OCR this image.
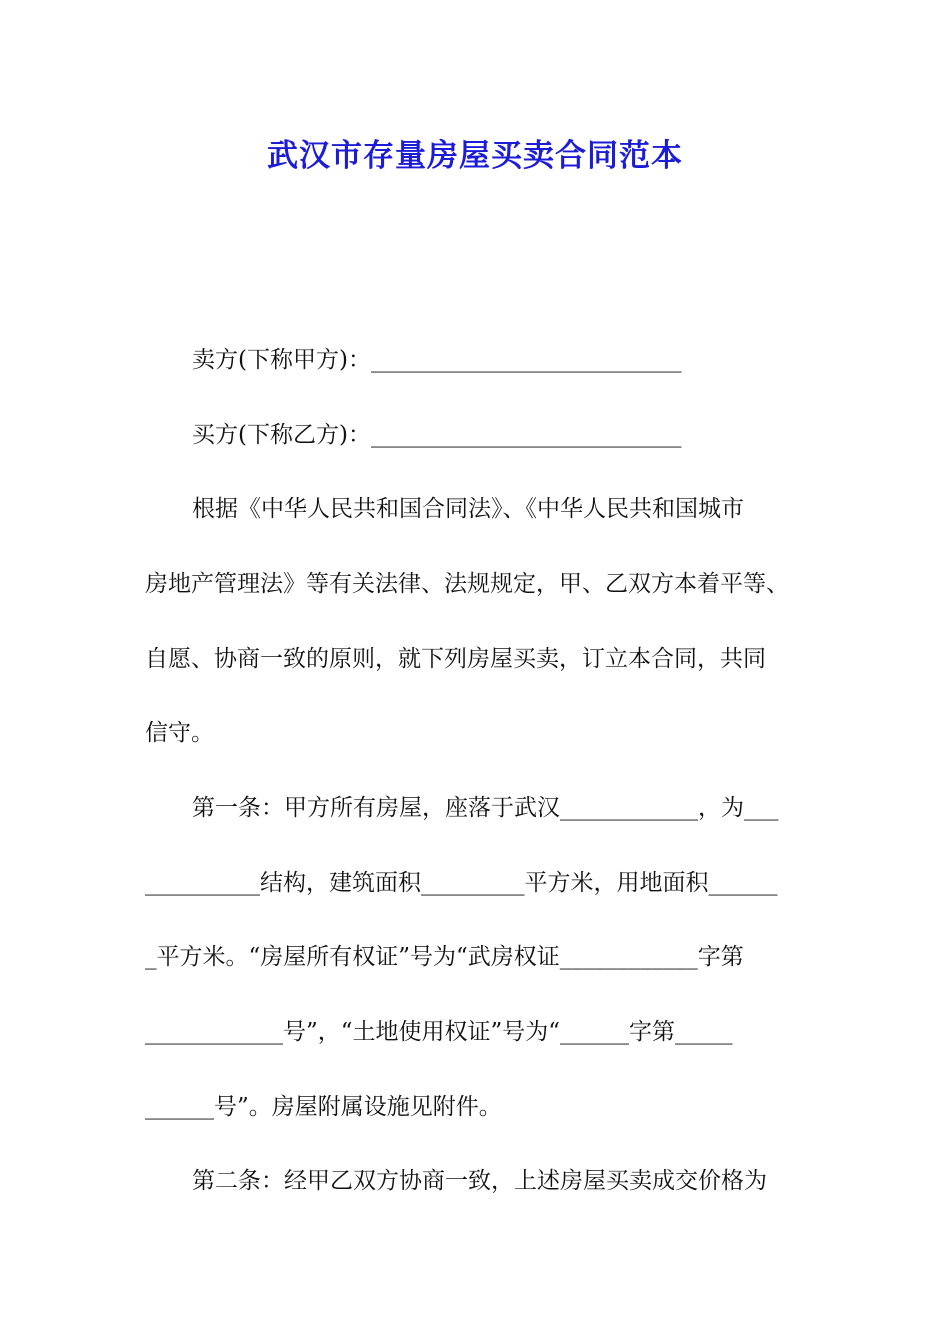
武汉市存量房屋买卖合同范本
卖方(下称甲方)：___________________________
买方(下称乙方)：___________________________
根据《中华人民共和国合同法》、《中华人民共和国城市
房地产管理法》等有关法律、法规规定，甲、乙双方本着平等、
自愿、协商一致的原则，就下列房屋买卖，订立本合同，共同
信守。
第一条：甲方所有房屋，座落于武汉____________，为___
__________结构，建筑面积_________平方米，用地面积______
_平方米。“房屋所有权证”号为“武房权证____________字第
____________号”，“土地使用权证”号为“______字第_____
______号”。房屋附属设施见附件。
第二条：经甲乙双方协商一致，上述房屋买卖成交价格为
